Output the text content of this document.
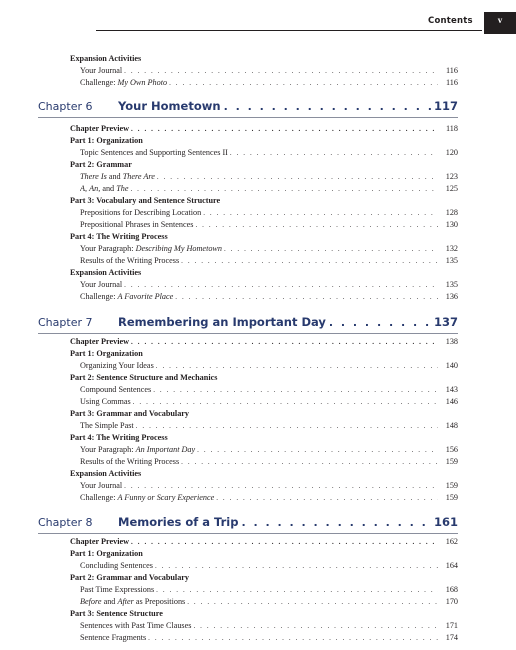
Contents	v
Expansion Activities
Your Journal . . .	116
Challenge: My Own Photo . . .	116
Chapter 6	Your Hometown . . .	117
Chapter Preview . . .	118
Part 1: Organization
Topic Sentences and Supporting Sentences II . . .	120
Part 2: Grammar
There Is and There Are . . .	123
A, An, and The . . .	125
Part 3: Vocabulary and Sentence Structure
Prepositions for Describing Location . . .	128
Prepositional Phrases in Sentences . . .	130
Part 4: The Writing Process
Your Paragraph: Describing My Hometown . . .	132
Results of the Writing Process . . .	135
Expansion Activities
Your Journal . . .	135
Challenge: A Favorite Place . . .	136
Chapter 7	Remembering an Important Day . . .	137
Chapter Preview . . .	138
Part 1: Organization
Organizing Your Ideas . . .	140
Part 2: Sentence Structure and Mechanics
Compound Sentences . . .	143
Using Commas . . .	146
Part 3: Grammar and Vocabulary
The Simple Past . . .	148
Part 4: The Writing Process
Your Paragraph: An Important Day . . .	156
Results of the Writing Process . . .	159
Expansion Activities
Your Journal . . .	159
Challenge: A Funny or Scary Experience . . .	159
Chapter 8	Memories of a Trip . . .	161
Chapter Preview . . .	162
Part 1: Organization
Concluding Sentences . . .	164
Part 2: Grammar and Vocabulary
Past Time Expressions . . .	168
Before and After as Prepositions . . .	170
Part 3: Sentence Structure
Sentences with Past Time Clauses . . .	171
Sentence Fragments . . .	174
